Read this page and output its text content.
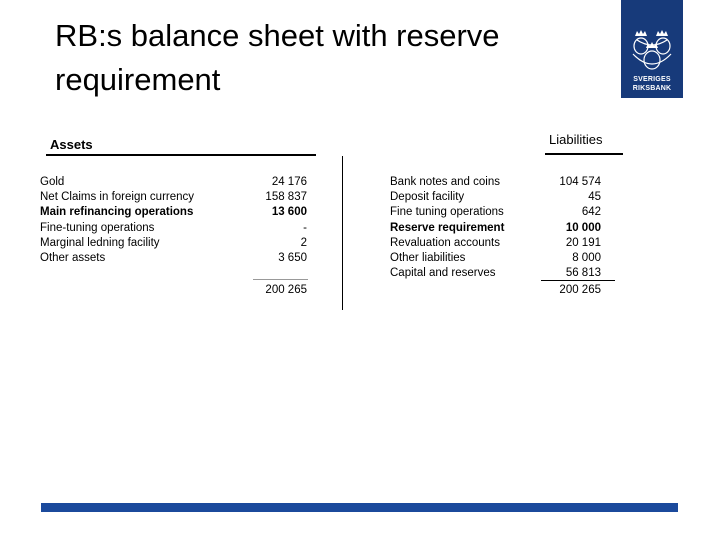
RB:s balance sheet with reserve
requirement	SVERIGES
RIKSBANK
Assets	Liabilities
Gold	24 176
Net Claims in foreign currency	158 837
Main refinancing operations	13 600
Fine-tuning operations	-
Marginal ledning facility	2
Other assets	3 650
200 265
Bank notes and coins	104 574
Deposit facility	45
Fine tuning operations	642
Reserve requirement	10 000
Revaluation accounts	20 191
Other liabilities	8 000
Capital and reserves	56 813
200 265
